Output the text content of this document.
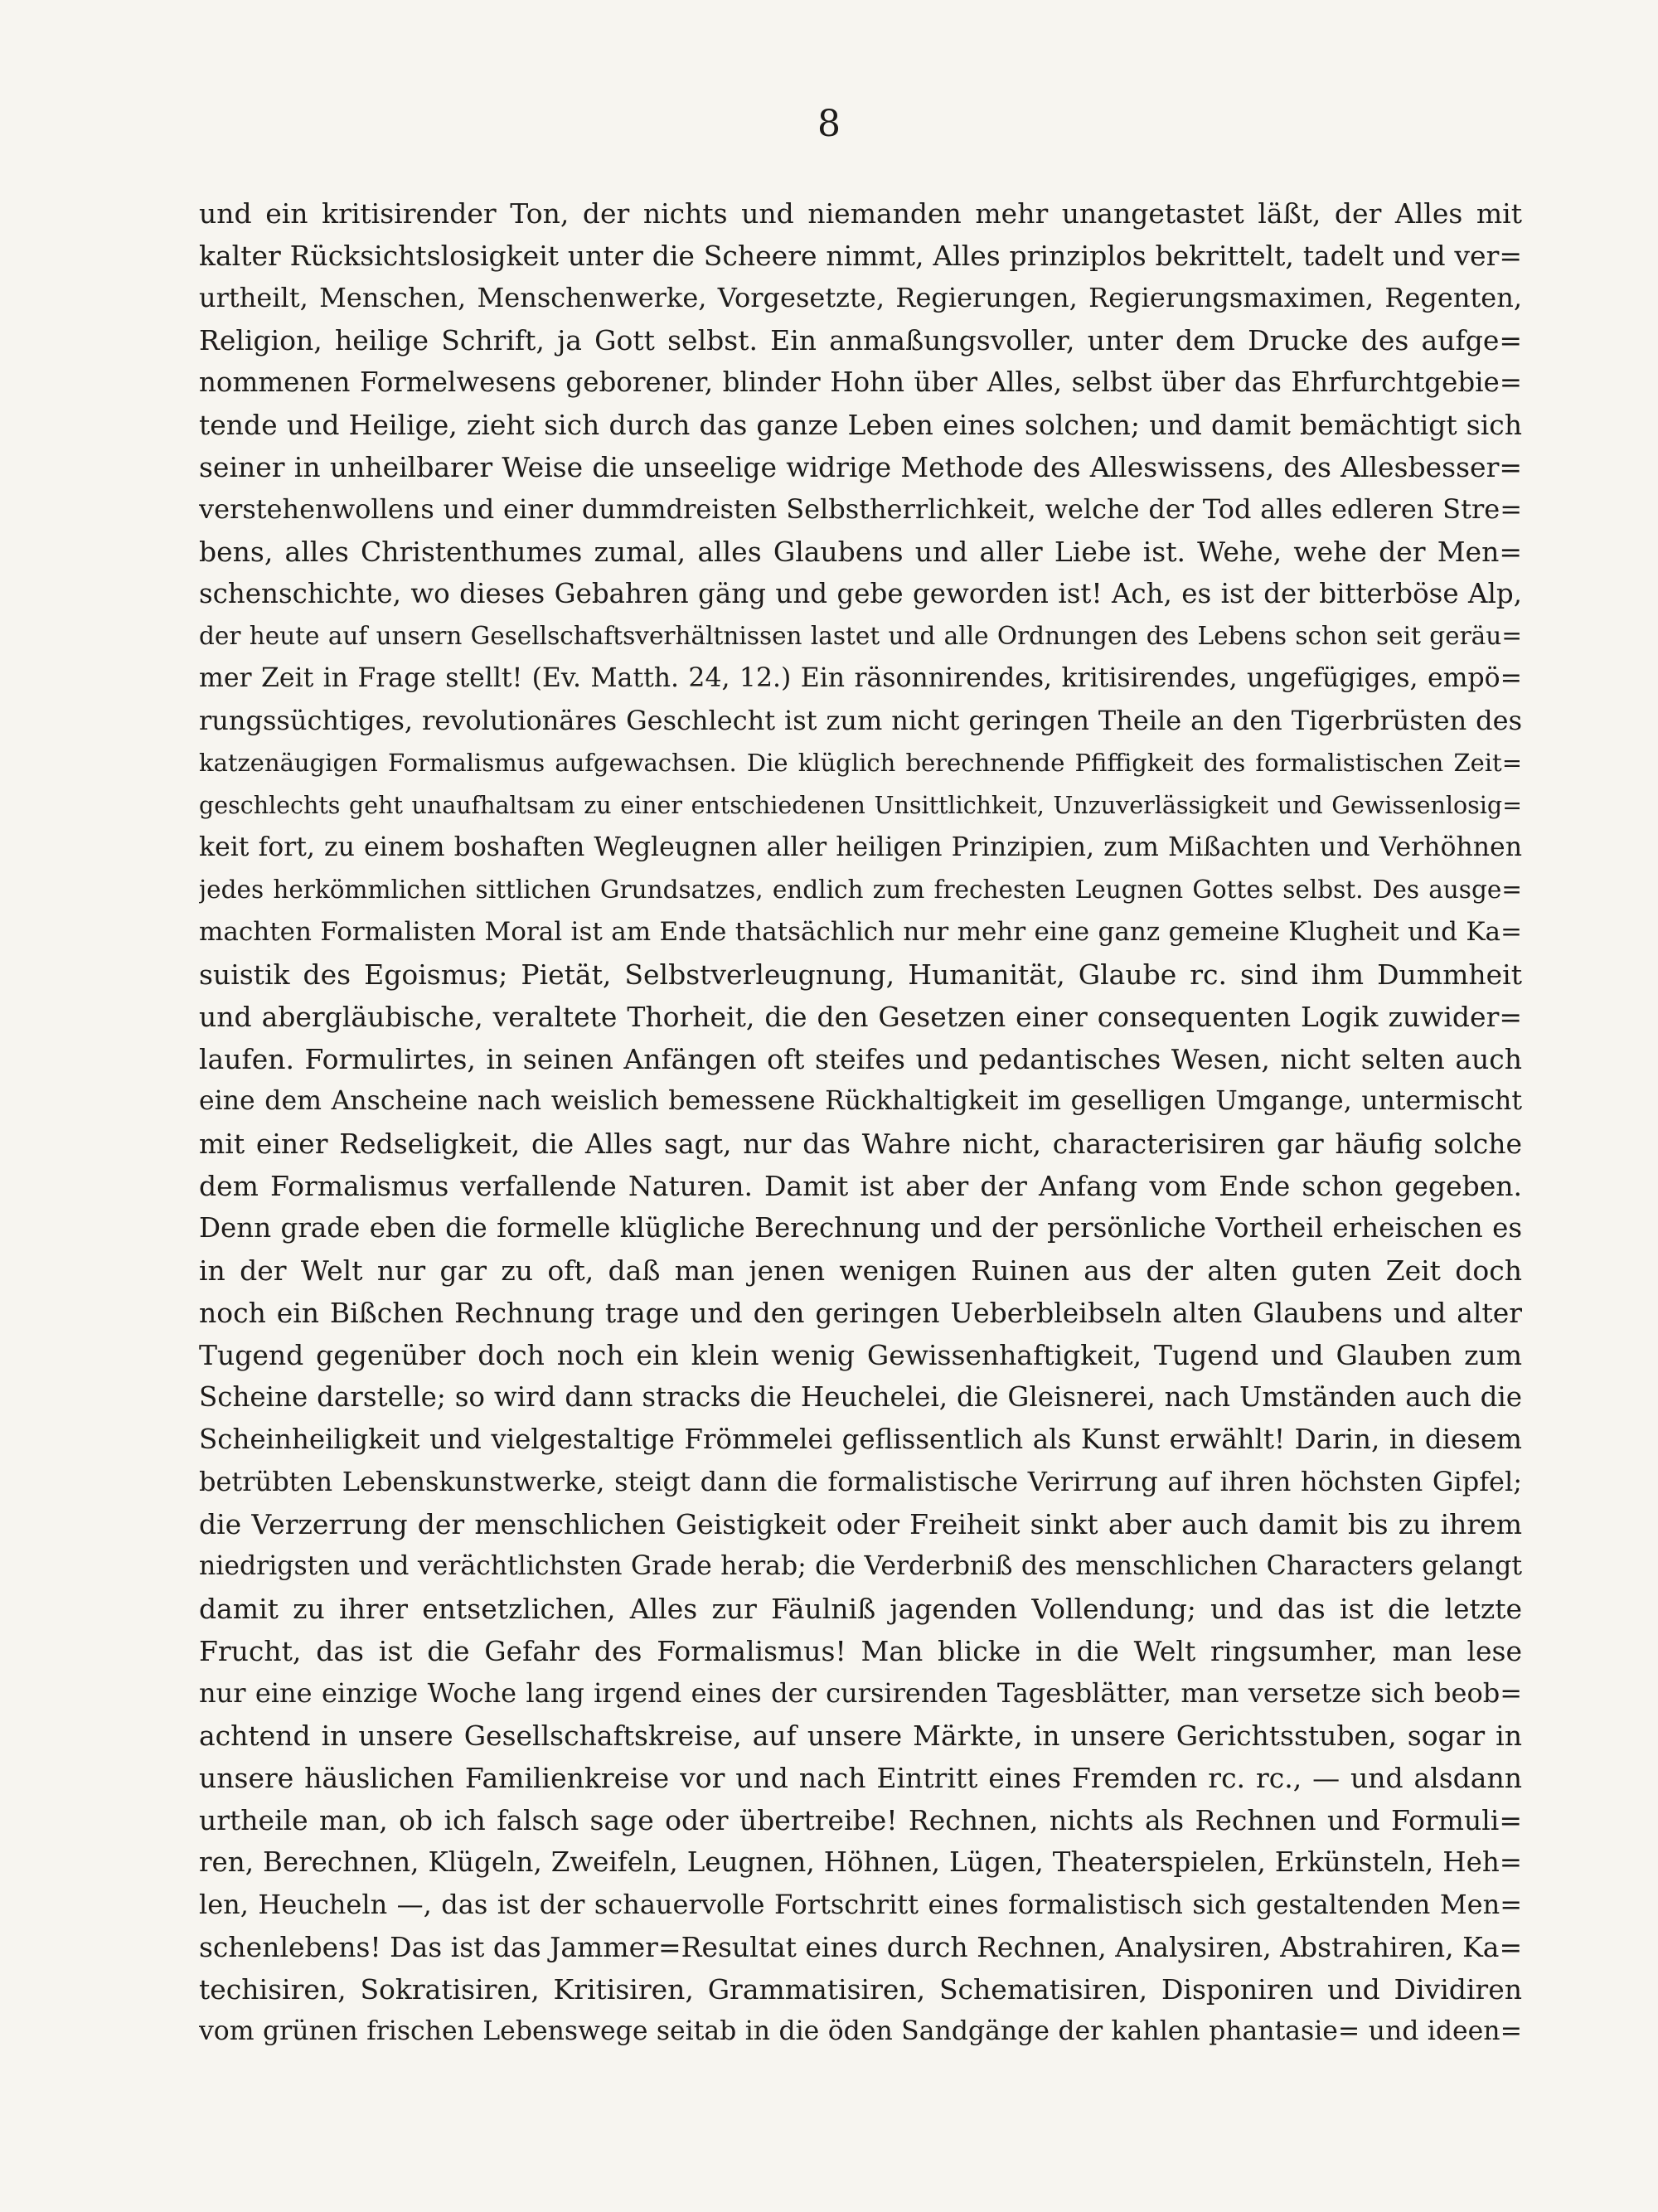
8
und ein kritisirender Ton, der nichts und niemanden mehr unangetastet läßt, der Alles mit
kalter Rücksichtslosigkeit unter die Scheere nimmt, Alles prinziplos bekrittelt, tadelt und ver=
urtheilt, Menschen, Menschenwerke, Vorgesetzte, Regierungen, Regierungsmaximen, Regenten,
Religion, heilige Schrift, ja Gott selbst. Ein anmaßungsvoller, unter dem Drucke des aufge=
nommenen Formelwesens geborener, blinder Hohn über Alles, selbst über das Ehrfurchtgebie=
tende und Heilige, zieht sich durch das ganze Leben eines solchen; und damit bemächtigt sich
seiner in unheilbarer Weise die unseelige widrige Methode des Alleswissens, des Allesbesser=
verstehenwollens und einer dummdreisten Selbstherrlichkeit, welche der Tod alles edleren Stre=
bens, alles Christenthumes zumal, alles Glaubens und aller Liebe ist. Wehe, wehe der Men=
schenschichte, wo dieses Gebahren gäng und gebe geworden ist! Ach, es ist der bitterböse Alp,
der heute auf unsern Gesellschaftsverhältnissen lastet und alle Ordnungen des Lebens schon seit geräu=
mer Zeit in Frage stellt! (Ev. Matth. 24, 12.) Ein räsonnirendes, kritisirendes, ungefügiges, empö=
rungssüchtiges, revolutionäres Geschlecht ist zum nicht geringen Theile an den Tigerbrüsten des
katzenäugigen Formalismus aufgewachsen. Die klüglich berechnende Pfiffigkeit des formalistischen Zeit=
geschlechts geht unaufhaltsam zu einer entschiedenen Unsittlichkeit, Unzuverlässigkeit und Gewissenlosig=
keit fort, zu einem boshaften Wegleugnen aller heiligen Prinzipien, zum Mißachten und Verhöhnen
jedes herkömmlichen sittlichen Grundsatzes, endlich zum frechesten Leugnen Gottes selbst. Des ausge=
machten Formalisten Moral ist am Ende thatsächlich nur mehr eine ganz gemeine Klugheit und Ka=
suistik des Egoismus; Pietät, Selbstverleugnung, Humanität, Glaube rc. sind ihm Dummheit
und abergläubische, veraltete Thorheit, die den Gesetzen einer consequenten Logik zuwider=
laufen. Formulirtes, in seinen Anfängen oft steifes und pedantisches Wesen, nicht selten auch
eine dem Anscheine nach weislich bemessene Rückhaltigkeit im geselligen Umgange, untermischt
mit einer Redseligkeit, die Alles sagt, nur das Wahre nicht, characterisiren gar häufig solche
dem Formalismus verfallende Naturen. Damit ist aber der Anfang vom Ende schon gegeben.
Denn grade eben die formelle klügliche Berechnung und der persönliche Vortheil erheischen es
in der Welt nur gar zu oft, daß man jenen wenigen Ruinen aus der alten guten Zeit doch
noch ein Bißchen Rechnung trage und den geringen Ueberbleibseln alten Glaubens und alter
Tugend gegenüber doch noch ein klein wenig Gewissenhaftigkeit, Tugend und Glauben zum
Scheine darstelle; so wird dann stracks die Heuchelei, die Gleisnerei, nach Umständen auch die
Scheinheiligkeit und vielgestaltige Frömmelei geflissentlich als Kunst erwählt! Darin, in diesem
betrübten Lebenskunstwerke, steigt dann die formalistische Verirrung auf ihren höchsten Gipfel;
die Verzerrung der menschlichen Geistigkeit oder Freiheit sinkt aber auch damit bis zu ihrem
niedrigsten und verächtlichsten Grade herab; die Verderbniß des menschlichen Characters gelangt
damit zu ihrer entsetzlichen, Alles zur Fäulniß jagenden Vollendung; und das ist die letzte
Frucht, das ist die Gefahr des Formalismus! Man blicke in die Welt ringsumher, man lese
nur eine einzige Woche lang irgend eines der cursirenden Tagesblätter, man versetze sich beob=
achtend in unsere Gesellschaftskreise, auf unsere Märkte, in unsere Gerichtsstuben, sogar in
unsere häuslichen Familienkreise vor und nach Eintritt eines Fremden rc. rc., — und alsdann
urtheile man, ob ich falsch sage oder übertreibe! Rechnen, nichts als Rechnen und Formuli=
ren, Berechnen, Klügeln, Zweifeln, Leugnen, Höhnen, Lügen, Theaterspielen, Erkünsteln, Heh=
len, Heucheln —, das ist der schauervolle Fortschritt eines formalistisch sich gestaltenden Men=
schenlebens! Das ist das Jammer=Resultat eines durch Rechnen, Analysiren, Abstrahiren, Ka=
techisiren, Sokratisiren, Kritisiren, Grammatisiren, Schematisiren, Disponiren und Dividiren
vom grünen frischen Lebenswege seitab in die öden Sandgänge der kahlen phantasie= und ideen=
